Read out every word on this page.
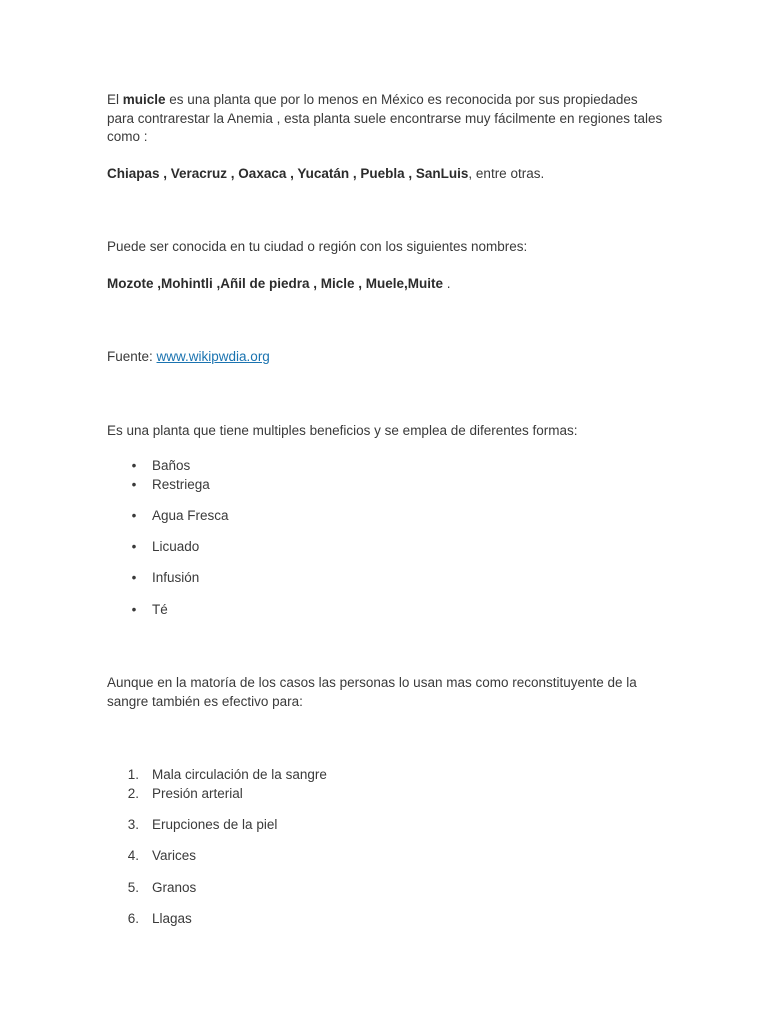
El muicle es una planta que por lo menos en México es reconocida por sus propiedades para contrarestar la Anemia , esta planta suele encontrarse muy fácilmente en regiones tales como :

Chiapas , Veracruz , Oaxaca , Yucatán , Puebla , SanLuis, entre otras.

Puede ser conocida en tu ciudad o región con los siguientes nombres:

Mozote ,Mohintli ,Añil de piedra , Micle , Muele,Muite .

Fuente: www.wikipwdia.org

Es una planta que tiene multiples beneficios y se emplea de diferentes formas:

• Baños
• Restriega
• Agua Fresca
• Licuado
• Infusión
• Té

Aunque en la matoría de los casos las personas lo usan mas como reconstituyente de la sangre también es efectivo para:

1. Mala circulación de la sangre
2. Presión arterial
3. Erupciones de la piel
4. Varices
5. Granos
6. Llagas
